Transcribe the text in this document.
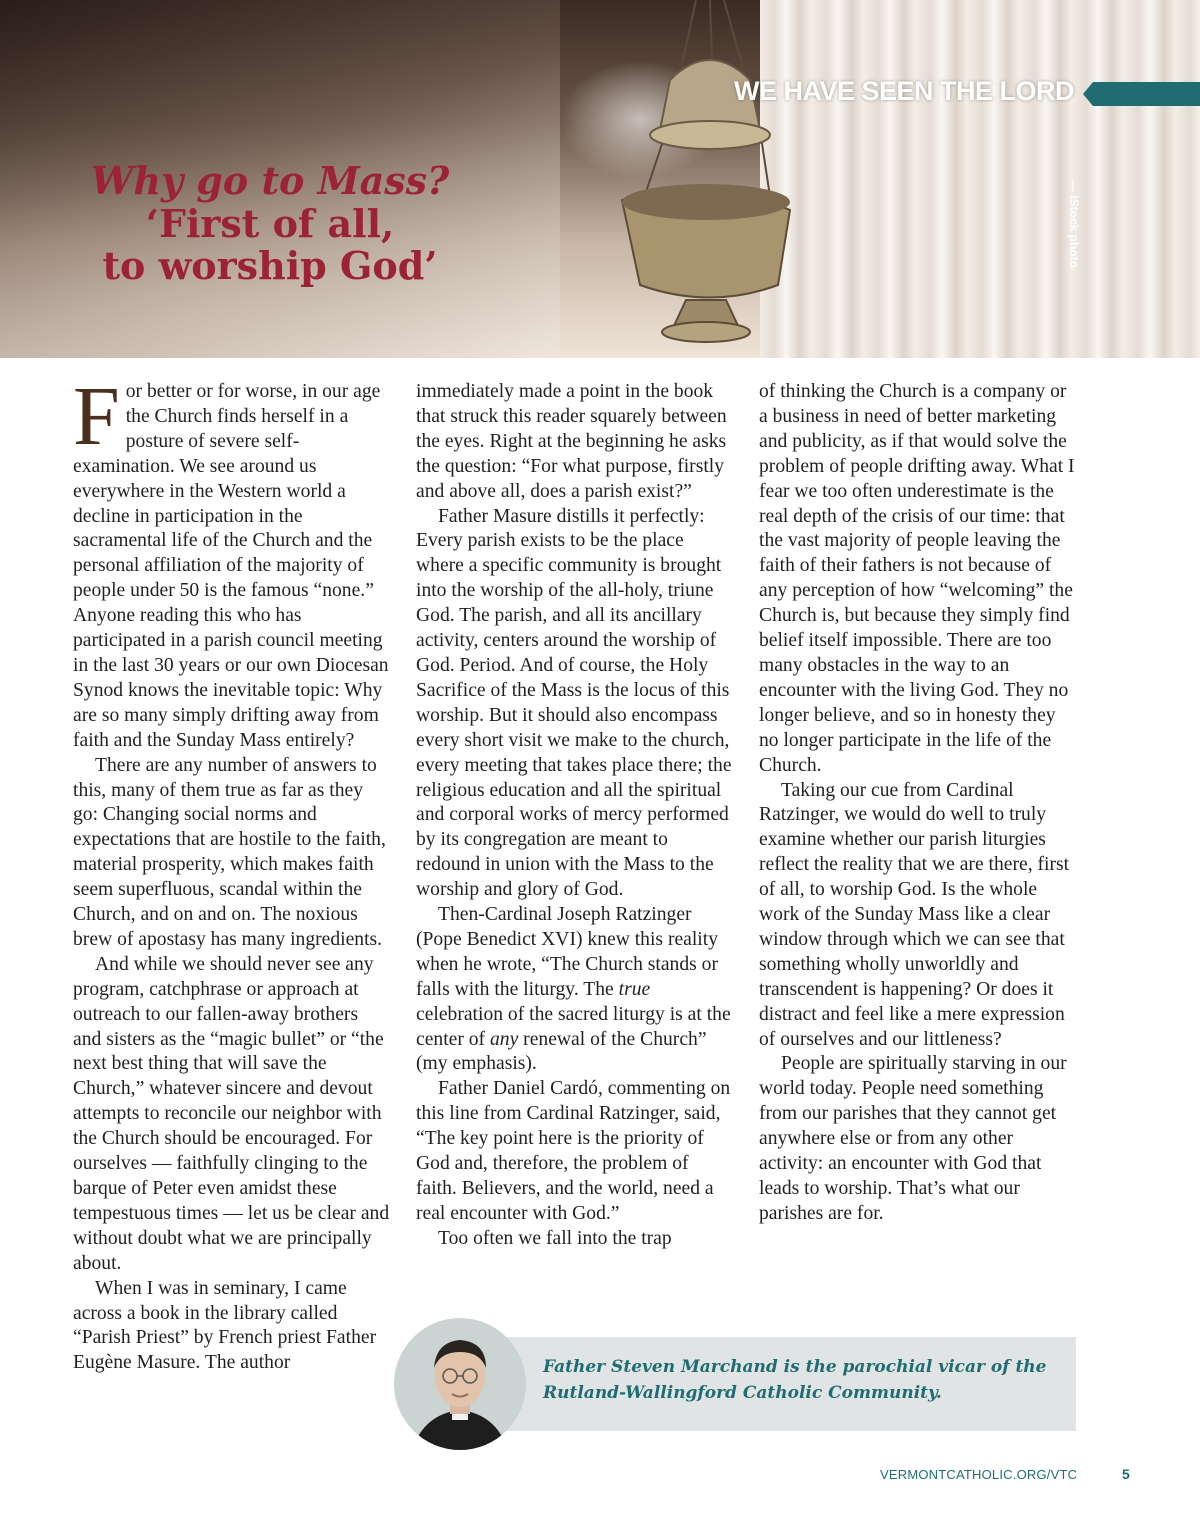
WE HAVE SEEN THE LORD
— iStock photo
Why go to Mass?
‘First of all,
to worship God’

For better or for worse, in our age the Church finds herself in a posture of severe self-examination. We see around us everywhere in the Western world a decline in participation in the sacramental life of the Church and the personal affiliation of the majority of people under 50 is the famous “none.” Anyone reading this who has participated in a parish council meeting in the last 30 years or our own Diocesan Synod knows the inevitable topic: Why are so many simply drifting away from faith and the Sunday Mass entirely?

There are any number of answers to this, many of them true as far as they go: Changing social norms and expectations that are hostile to the faith, material prosperity, which makes faith seem superfluous, scandal within the Church, and on and on. The noxious brew of apostasy has many ingredients.

And while we should never see any program, catchphrase or approach at outreach to our fallen-away brothers and sisters as the “magic bullet” or “the next best thing that will save the Church,” whatever sincere and devout attempts to reconcile our neighbor with the Church should be encouraged. For ourselves — faithfully clinging to the barque of Peter even amidst these tempestuous times — let us be clear and without doubt what we are principally about.

When I was in seminary, I came across a book in the library called “Parish Priest” by French priest Father Eugène Masure. The author

immediately made a point in the book that struck this reader squarely between the eyes. Right at the beginning he asks the question: “For what purpose, firstly and above all, does a parish exist?”

Father Masure distills it perfectly: Every parish exists to be the place where a specific community is brought into the worship of the all-holy, triune God. The parish, and all its ancillary activity, centers around the worship of God. Period. And of course, the Holy Sacrifice of the Mass is the locus of this worship. But it should also encompass every short visit we make to the church, every meeting that takes place there; the religious education and all the spiritual and corporal works of mercy performed by its congregation are meant to redound in union with the Mass to the worship and glory of God.

Then-Cardinal Joseph Ratzinger (Pope Benedict XVI) knew this reality when he wrote, “The Church stands or falls with the liturgy. The true celebration of the sacred liturgy is at the center of any renewal of the Church” (my emphasis).

Father Daniel Cardó, commenting on this line from Cardinal Ratzinger, said, “The key point here is the priority of God and, therefore, the problem of faith. Believers, and the world, need a real encounter with God.”

Too often we fall into the trap

of thinking the Church is a company or a business in need of better marketing and publicity, as if that would solve the problem of people drifting away. What I fear we too often underestimate is the real depth of the crisis of our time: that the vast majority of people leaving the faith of their fathers is not because of any perception of how “welcoming” the Church is, but because they simply find belief itself impossible. There are too many obstacles in the way to an encounter with the living God. They no longer believe, and so in honesty they no longer participate in the life of the Church.

Taking our cue from Cardinal Ratzinger, we would do well to truly examine whether our parish liturgies reflect the reality that we are there, first of all, to worship God. Is the whole work of the Sunday Mass like a clear window through which we can see that something wholly unworldly and transcendent is happening? Or does it distract and feel like a mere expression of ourselves and our littleness?

People are spiritually starving in our world today. People need something from our parishes that they cannot get anywhere else or from any other activity: an encounter with God that leads to worship. That’s what our parishes are for.

Father Steven Marchand is the parochial vicar of the
Rutland-Wallingford Catholic Community.
VERMONTCATHOLIC.ORG/VTC	5
